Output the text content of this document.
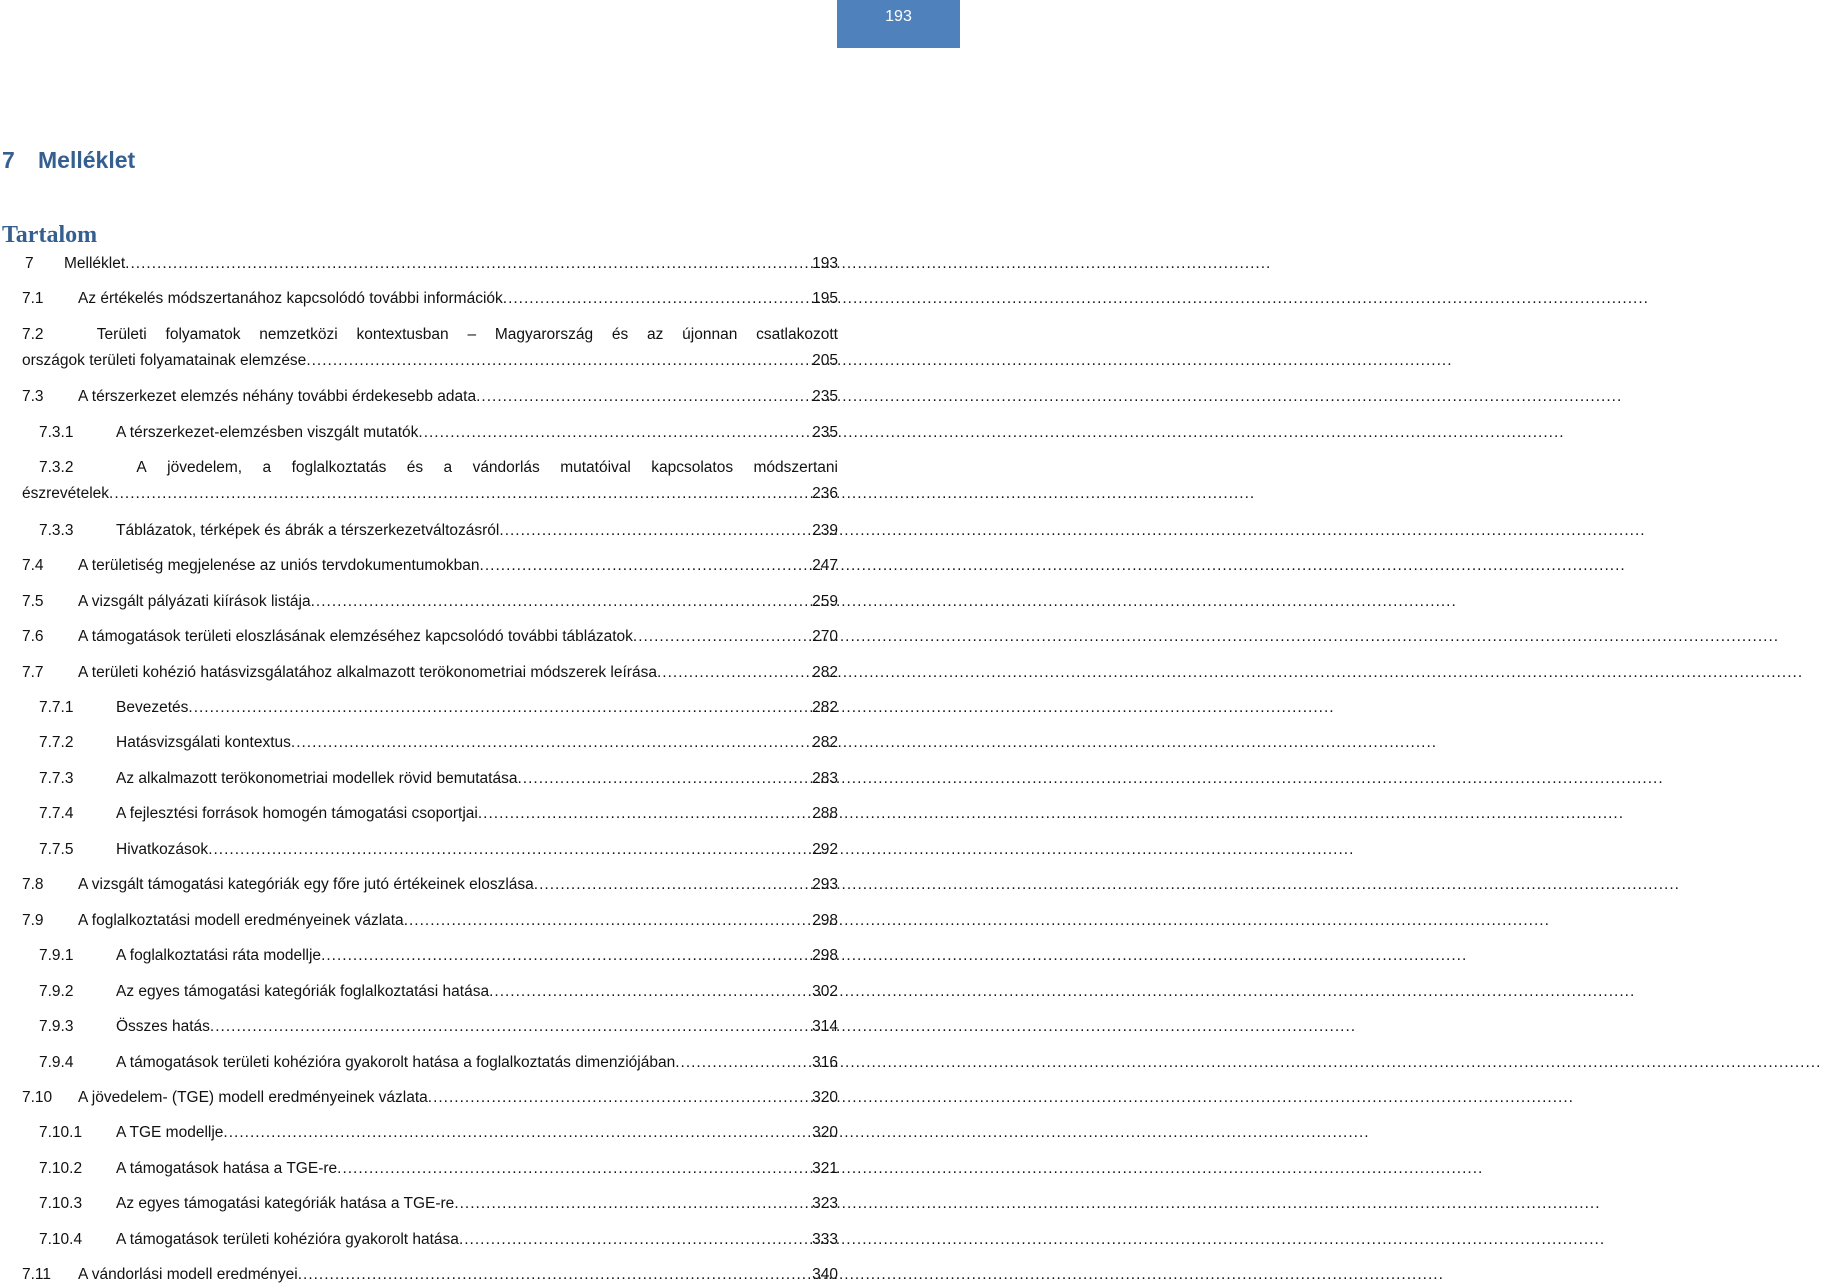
193
7 Melléklet
Tartalom
7	Melléklet .....	193
7.1	Az értékelés módszertanához kapcsolódó további információk .....	195
7.2	Területi folyamatok nemzetközi kontextusban – Magyarország és az újonnan csatlakozott
országok területi folyamatainak elemzése .....	205
7.3	A térszerkezet elemzés néhány további érdekesebb adata .....	235
7.3.1	A térszerkezet-elemzésben viszgált mutatók .....	235
7.3.2	A jövedelem, a foglalkoztatás és a vándorlás mutatóival kapcsolatos módszertani
észrevételek .....	236
7.3.3	Táblázatok, térképek és ábrák a térszerkezetváltozásról .....	239
7.4	A területiség megjelenése az uniós tervdokumentumokban .....	247
7.5	A vizsgált pályázati kiírások listája .....	259
7.6	A támogatások területi eloszlásának elemzéséhez kapcsolódó további táblázatok .....	270
7.7	A területi kohézió hatásvizsgálatához alkalmazott terökonometriai módszerek leírása .....	282
7.7.1	Bevezetés .....	282
7.7.2	Hatásvizsgálati kontextus .....	282
7.7.3	Az alkalmazott terökonometriai modellek rövid bemutatása .....	283
7.7.4	A fejlesztési források homogén támogatási csoportjai .....	288
7.7.5	Hivatkozások .....	292
7.8	A vizsgált támogatási kategóriák egy főre jutó értékeinek eloszlása .....	293
7.9	A foglalkoztatási modell eredményeinek vázlata .....	298
7.9.1	A foglalkoztatási ráta modellje .....	298
7.9.2	Az egyes támogatási kategóriák foglalkoztatási hatása .....	302
7.9.3	Összes hatás .....	314
7.9.4	A támogatások területi kohézióra gyakorolt hatása a foglalkoztatás dimenziójában .....	316
7.10	A jövedelem- (TGE) modell eredményeinek vázlata .....	320
7.10.1	A TGE modellje .....	320
7.10.2	A támogatások hatása a TGE-re .....	321
7.10.3	Az egyes támogatási kategóriák hatása a TGE-re .....	323
7.10.4	A támogatások területi kohézióra gyakorolt hatása .....	333
7.11	A vándorlási modell eredményei .....	340
